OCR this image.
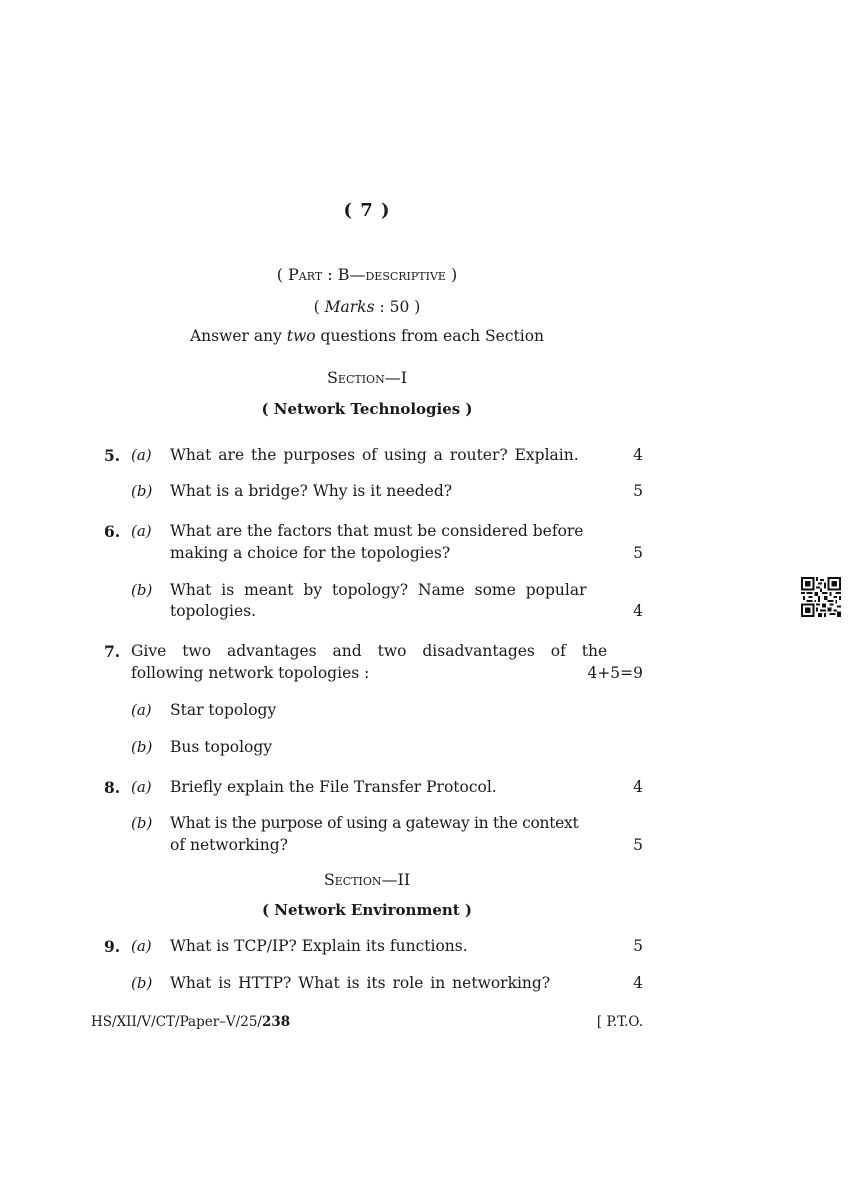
( 7 )
( Part : B—descriptive )
( Marks : 50 )
Answer any two questions from each Section
Section—I
( Network Technologies )
5. (a) What are the purposes of using a router? Explain.	4
(b) What is a bridge? Why is it needed?	5
6. (a) What are the factors that must be considered before
making a choice for the topologies?	5
(b) What is meant by topology? Name some popular
topologies.	4
7. Give two advantages and two disadvantages of the
following network topologies :	4+5=9
(a) Star topology
(b) Bus topology
8. (a) Briefly explain the File Transfer Protocol.	4
(b) What is the purpose of using a gateway in the context
of networking?	5
Section—II
( Network Environment )
9. (a) What is TCP/IP? Explain its functions.	5
(b) What is HTTP? What is its role in networking?	4
HS/XII/V/CT/Paper–V/25/238	[ P.T.O.
